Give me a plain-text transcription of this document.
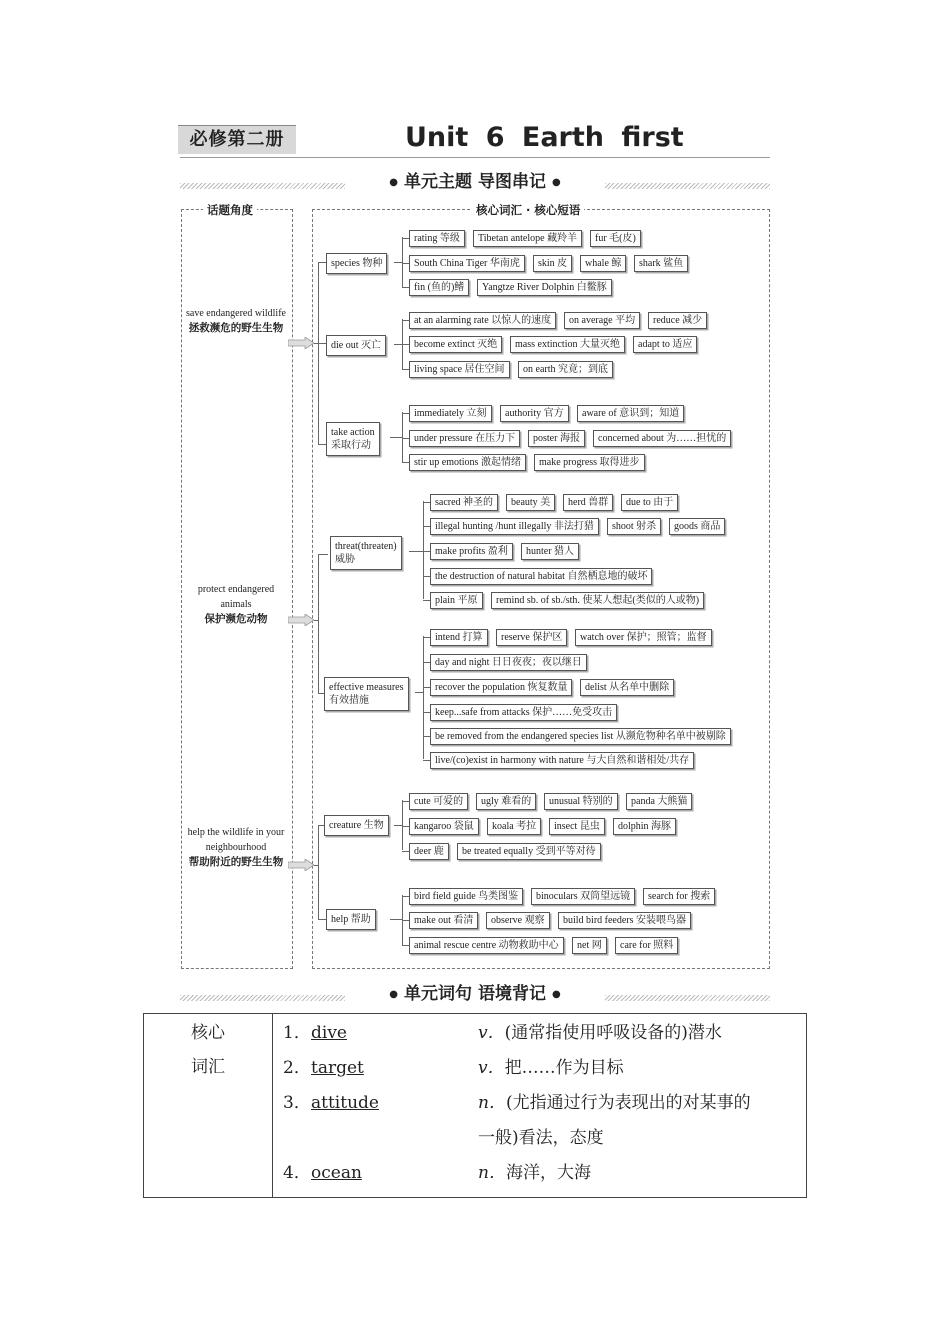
必修第二册	Unit 6 Earth first
● 单元主题 导图串记 ●
话题角度	核心词汇 · 核心短语
save endangered wildlife
拯救濒危的野生生物
protect endangered animals
保护濒危动物
help the wildlife in your neighbourhood
帮助附近的野生生物
species 物种
die out 灭亡
take action
采取行动
threat(threaten)
威胁
effective measures
有效措施
creature 生物
help 帮助
rating 等级	Tibetan antelope 藏羚羊	fur 毛(皮)
South China Tiger 华南虎	skin 皮	whale 鲸	shark 鲨鱼
fin (鱼的)鳍	Yangtze River Dolphin 白鳖豚
at an alarming rate 以惊人的速度	on average 平均	reduce 减少
become extinct 灭绝	mass extinction 大量灭绝	adapt to 适应
living space 居住空间	on earth 究竟；到底
immediately 立刻	authority 官方	aware of 意识到；知道
under pressure 在压力下	poster 海报	concerned about 为……担忧的
stir up emotions 激起情绪	make progress 取得进步
sacred 神圣的	beauty 美	herd 兽群	due to 由于
illegal hunting /hunt illegally 非法打猎	shoot 射杀	goods 商品
make profits 盈利	hunter 猎人
the destruction of natural habitat 自然栖息地的破坏
plain 平原	remind sb. of sb./sth. 使某人想起(类似的人或物)
intend 打算	reserve 保护区	watch over 保护；照管；监督
day and night 日日夜夜；夜以继日
recover the population 恢复数量	delist 从名单中删除
keep...safe from attacks 保护……免受攻击
be removed from the endangered species list 从濒危物种名单中被剔除
live/(co)exist in harmony with nature 与大自然和谐相处/共存
cute 可爱的	ugly 难看的	unusual 特别的	panda 大熊猫
kangaroo 袋鼠	koala 考拉	insect 昆虫	dolphin 海豚
deer 鹿	be treated equally 受到平等对待
bird field guide 鸟类图鉴	binoculars 双筒望远镜	search for 搜索
make out 看清	observe 观察	build bird feeders 安装喂鸟器
animal rescue centre 动物救助中心	net 网	care for 照料
● 单元词句 语境背记 ●
核心
词汇

1． dive	v．(通常指使用呼吸设备的)潜水
2． target	v．把……作为目标
3． attitude	n．(尤指通过行为表现出的对某事的一般)看法，态度
4． ocean	n．海洋，大海
